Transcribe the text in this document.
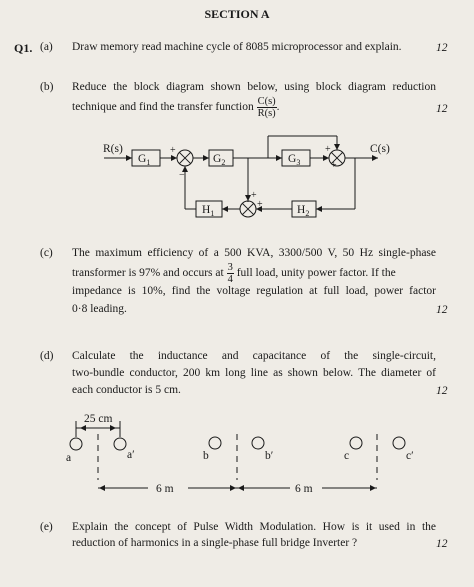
SECTION A
Q1. (a) Draw memory read machine cycle of 8085 microprocessor and explain.	12
(b) Reduce the block diagram shown below, using block diagram reduction
technique and find the transfer function $\frac{C(s)}{R(s)}$ .	12
$G_1$	$G_2$	$G_3$
$H_1$	$H_2$
R(s)	C(s)
+
−
+
+
+
+
(c) The maximum efficiency of a 500 KVA, 3300/500 V, 50 Hz single-phase
transformer is 97% and occurs at $\frac{3}{4}$ full load, unity power factor. If the
impedance is 10%, find the voltage regulation at full load, power factor
0·8 leading.	12
(d) Calculate the inductance and capacitance of the single-circuit,
two-bundle conductor, 200 km long line as shown below. The diameter of
each conductor is 5 cm.	12
25 cm
6 m	6 m
a	a′	b	b′	c	c′
(e) Explain the concept of Pulse Width Modulation. How is it used in the
reduction of harmonics in a single-phase full bridge Inverter ?	12
